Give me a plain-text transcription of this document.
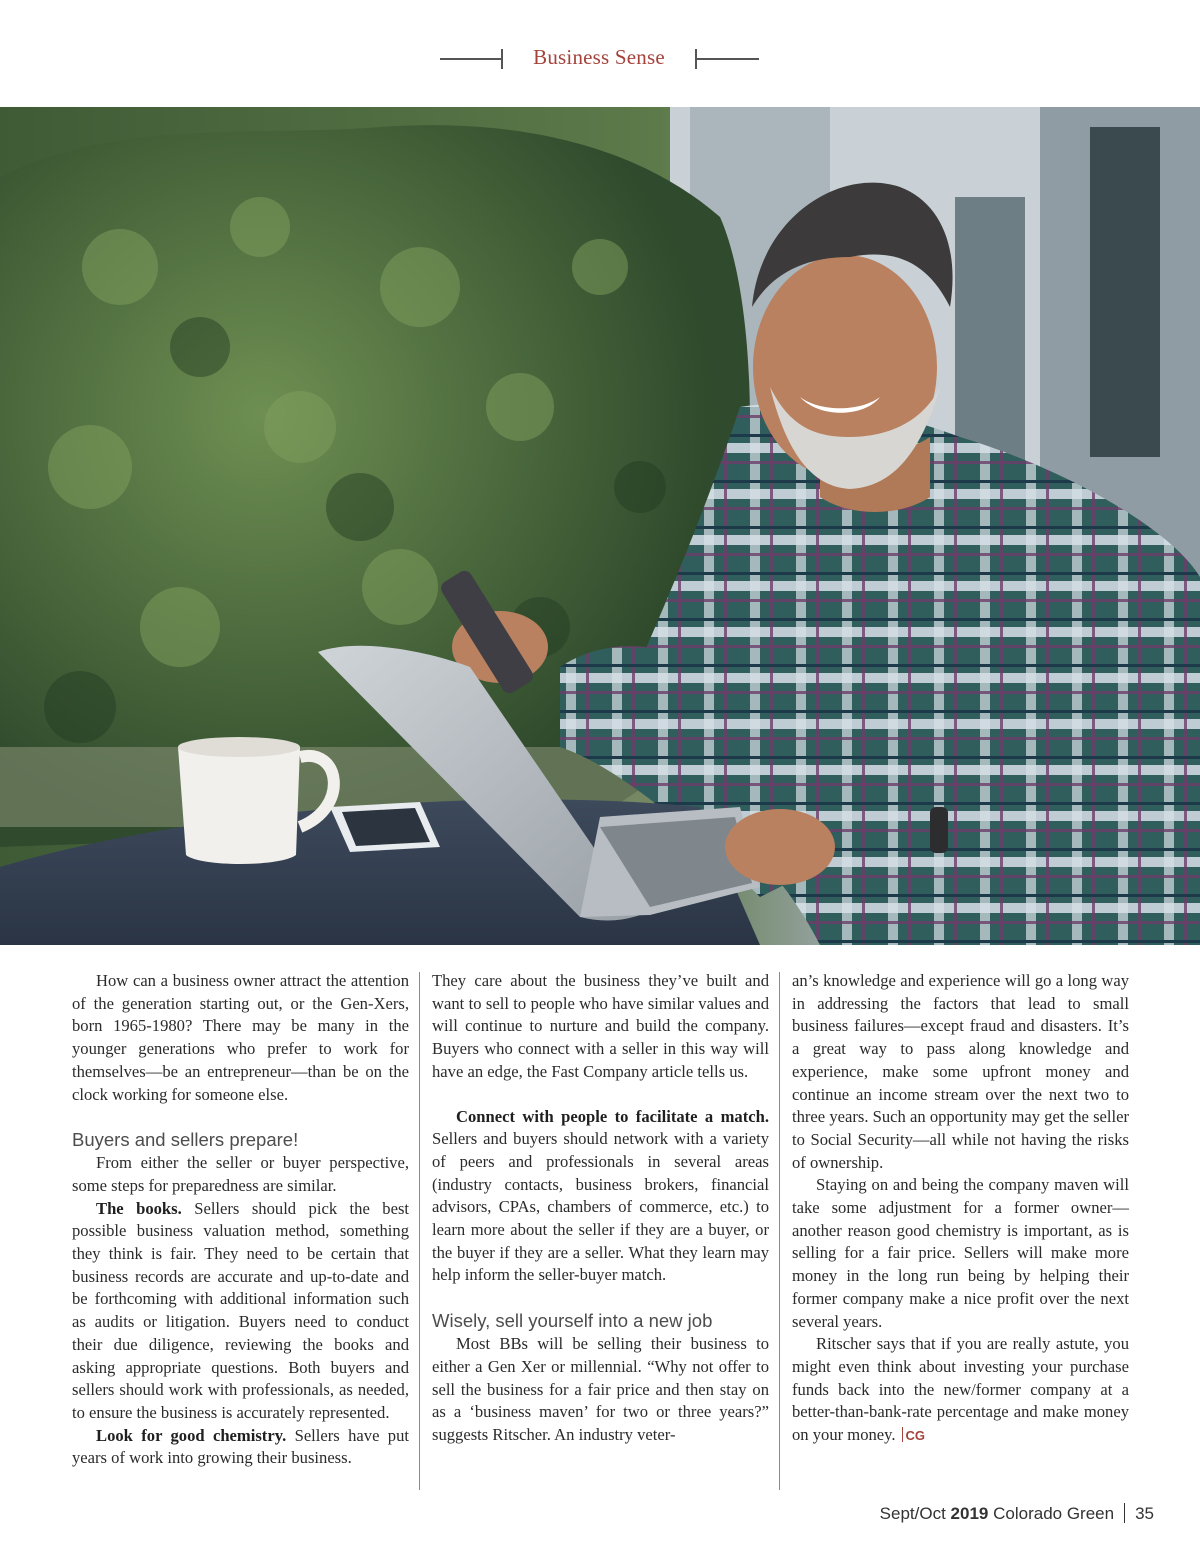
Business Sense

How can a business owner attract the attention of the generation starting out, or the Gen-Xers, born 1965-1980? There may be many in the younger generations who prefer to work for themselves—be an entrepreneur—than be on the clock working for someone else.

Buyers and sellers prepare!

From either the seller or buyer perspective, some steps for preparedness are similar.

The books. Sellers should pick the best possible business valuation method, something they think is fair. They need to be certain that business records are accurate and up-to-date and be forthcoming with additional information such as audits or litigation. Buyers need to conduct their due diligence, reviewing the books and asking appropriate questions. Both buyers and sellers should work with professionals, as needed, to ensure the business is accurately represented.

Look for good chemistry. Sellers have put years of work into growing their business.

They care about the business they’ve built and want to sell to people who have similar values and will continue to nurture and build the company. Buyers who connect with a seller in this way will have an edge, the Fast Company article tells us.

Connect with people to facilitate a match. Sellers and buyers should network with a variety of peers and professionals in several areas (industry contacts, business brokers, financial advisors, CPAs, chambers of commerce, etc.) to learn more about the seller if they are a buyer, or the buyer if they are a seller. What they learn may help inform the seller-buyer match.

Wisely, sell yourself into a new job

Most BBs will be selling their business to either a Gen Xer or millennial. “Why not offer to sell the business for a fair price and then stay on as a ‘business maven’ for two or three years?” suggests Ritscher. An industry veter-

an’s knowledge and experience will go a long way in addressing the factors that lead to small business failures—except fraud and disasters. It’s a great way to pass along knowledge and experience, make some upfront money and continue an income stream over the next two to three years. Such an opportunity may get the seller to Social Security—all while not having the risks of ownership.

Staying on and being the company maven will take some adjustment for a former owner—another reason good chemistry is important, as is selling for a fair price. Sellers will make more money in the long run being by helping their former company make a nice profit over the next several years.

Ritscher says that if you are really astute, you might even think about investing your purchase funds back into the new/former company at a better-than-bank-rate percentage and make money on your money. CG

Sept/Oct 2019 Colorado Green 35
